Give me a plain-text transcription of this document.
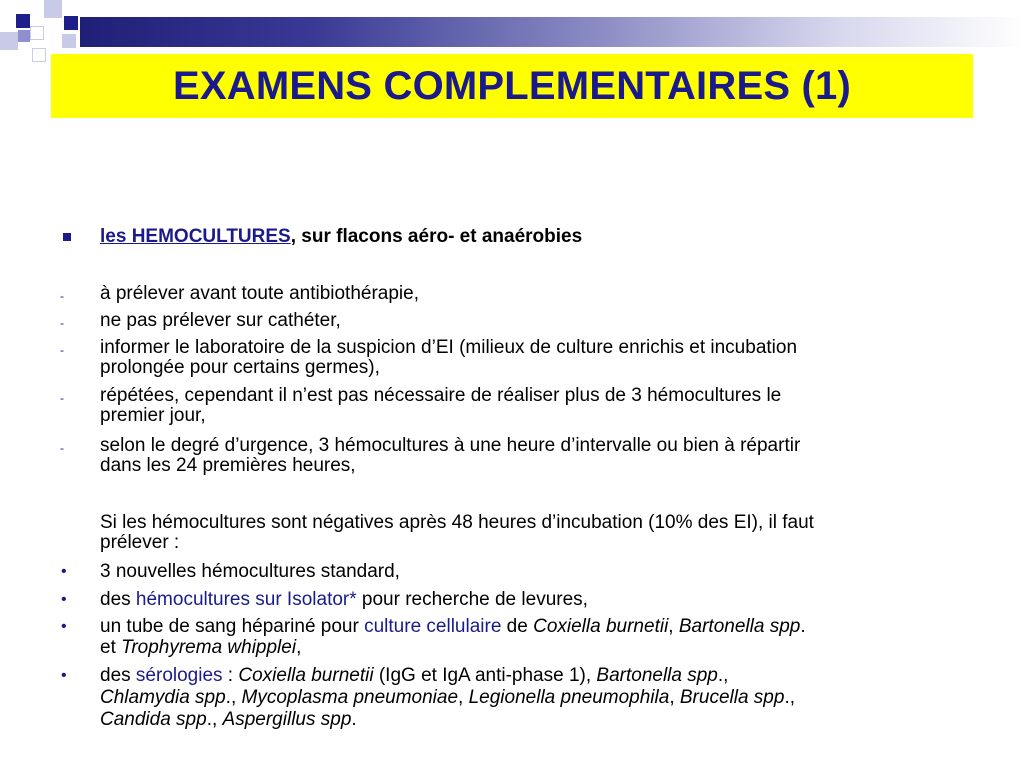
EXAMENS COMPLEMENTAIRES (1)
les HEMOCULTURES, sur flacons aéro- et anaérobies
- à prélever avant toute antibiothérapie,
- ne pas prélever sur cathéter,
- informer le laboratoire de la suspicion d’EI (milieux de culture enrichis et incubation
prolongée pour certains germes),
- répétées, cependant il n’est pas nécessaire de réaliser plus de 3 hémocultures le
premier jour,
- selon le degré d’urgence, 3 hémocultures à une heure d’intervalle ou bien à répartir
dans les 24 premières heures,
Si les hémocultures sont négatives après 48 heures d’incubation (10% des EI), il faut
prélever :
• 3 nouvelles hémocultures standard,
• des hémocultures sur Isolator* pour recherche de levures,
• un tube de sang hépariné pour culture cellulaire de Coxiella burnetii, Bartonella spp.
et Trophyrema whipplei,
• des sérologies : Coxiella burnetii (IgG et IgA anti-phase 1), Bartonella spp.,
Chlamydia spp., Mycoplasma pneumoniae, Legionella pneumophila, Brucella spp.,
Candida spp., Aspergillus spp.
